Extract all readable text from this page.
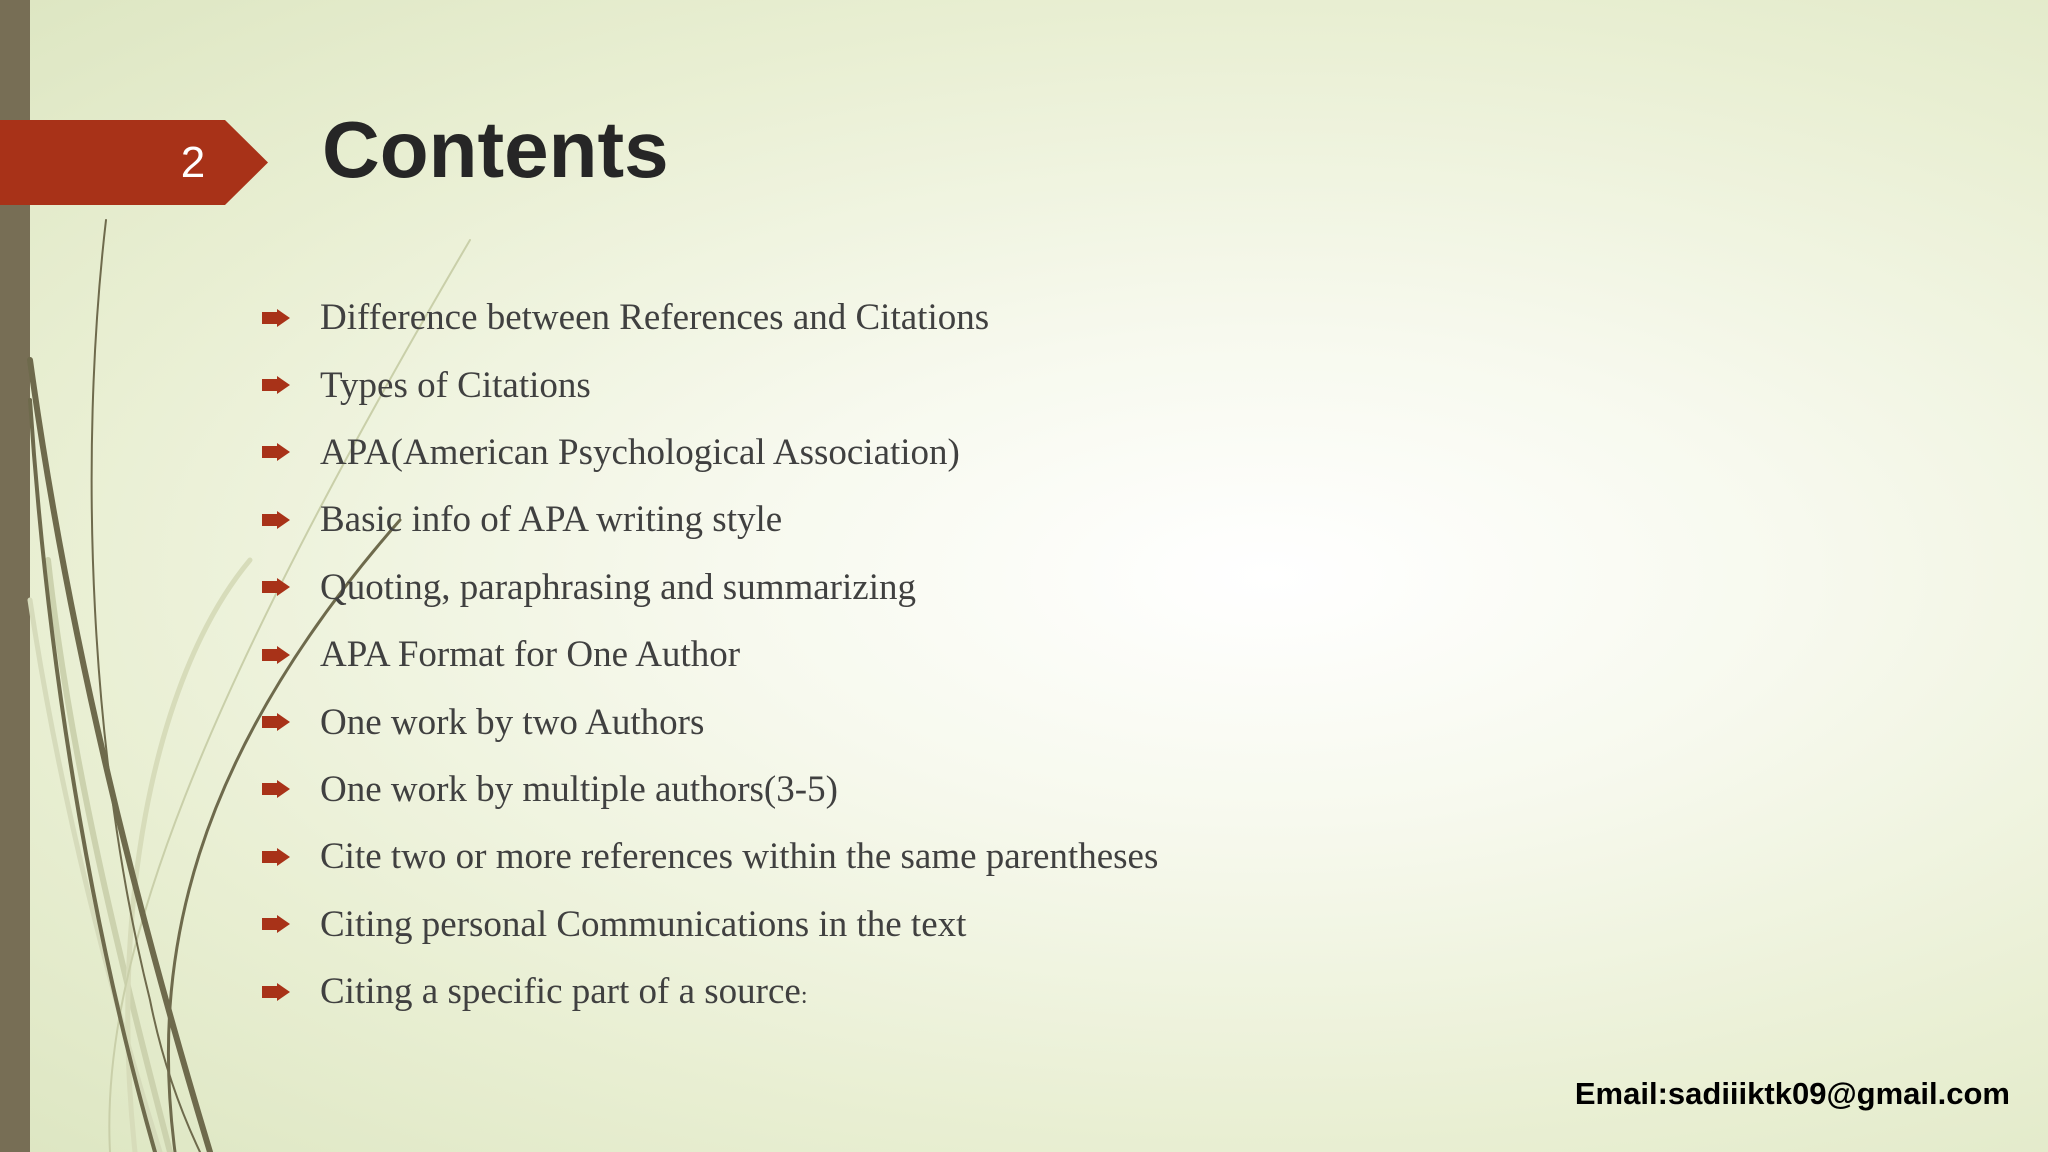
2 Contents
Difference between References and Citations
Types of Citations
APA(American Psychological Association)
Basic info of APA writing style
Quoting, paraphrasing and summarizing
APA Format for One Author
One work by two Authors
One work by multiple authors(3-5)
Cite two or more references within the same parentheses
Citing personal Communications in the text
Citing a specific part of a source:
Email:sadiiiktk09@gmail.com
